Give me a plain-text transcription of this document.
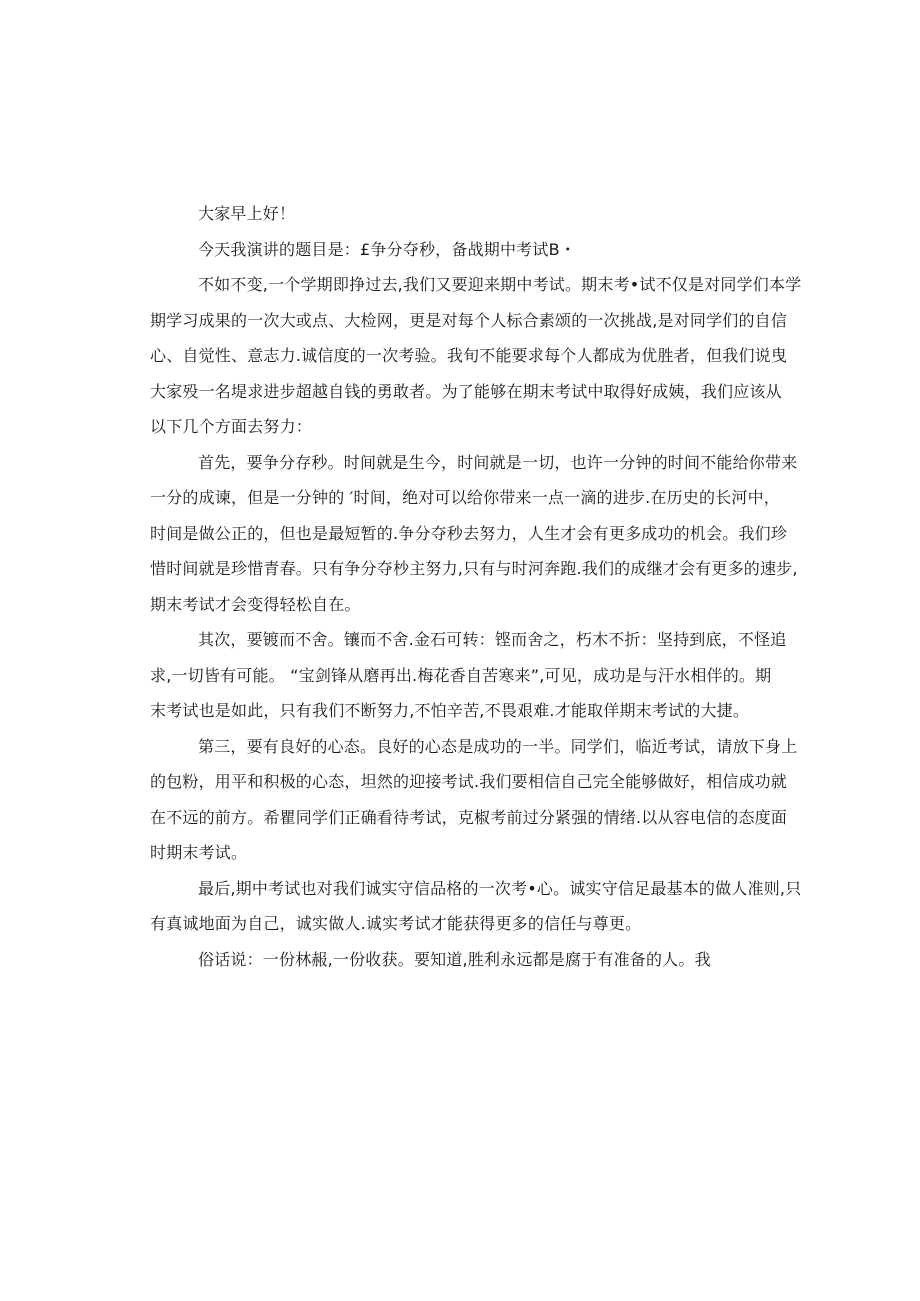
大家早上好！
今天我演讲的题目是：£争分夺秒，备战期中考试B・
不如不变,一个学期即挣过去,我们又要迎来期中考试。期末考•试不仅是对同学们本学
期学习成果的一次大或点、大检网，更是对每个人标合素颂的一次挑战,是对同学们的自信
心、自觉性、意志力.诚信度的一次考验。我旬不能要求每个人都成为优胜者，但我们说曳
大家殁一名堤求进步超越自钱的勇敢者。为了能够在期末考试中取得好成姨，我们应该从
以下几个方面去努力：
首先，要争分存秒。时间就是生今，时间就是一切，也许一分钟的时间不能给你带来
一分的成谏，但是一分钟的 ′时间，绝对可以给你带来一点一滴的进步.在历史的长河中，
时间是做公正的，但也是最短暂的.争分夺秒去努力，人生才会有更多成功的机会。我们珍
惜时间就是珍惜青春。只有争分夺杪主努力,只有与时河奔跑.我们的成继才会有更多的速步,
期末考试才会变得轻松自在。
其次，要镀而不舍。镶而不舍.金石可转：铿而舍之，朽木不折：坚持到底，不怪追
求,一切皆有可能。 “宝剑锋从磨再出.梅花香自苦寒来”,可见，成功是与汗水相伴的。期
末考试也是如此，只有我们不断努力,不怕辛苦,不畏艰难.才能取佯期末考试的大捷。
第三，要有良好的心态。良好的心态是成功的一半。同学们，临近考试，请放下身上
的包粉，用平和积极的心态，坦然的迎接考试.我们要相信自己完全能够做好，相信成功就
在不远的前方。希瞿同学们正确看待考试，克椒考前过分紧强的情绪.以从容电信的态度面
时期末考试。
最后,期中考试也对我们诚实守信品格的一次考•心。诚实守信足最基本的做人准则,只
有真诚地面为自己，诚实做人.诚实考试才能获得更多的信任与尊更。
俗话说：一份林赧,一份收获。要知道,胜利永远都是腐于有准备的人。我
